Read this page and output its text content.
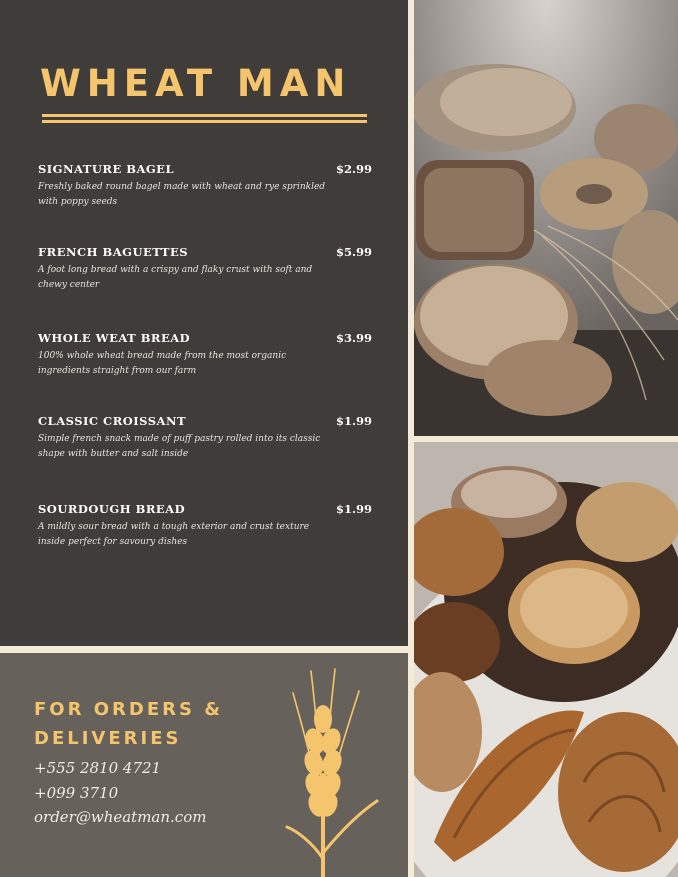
WHEAT MAN
SIGNATURE BAGEL	$2.99
Freshly baked round bagel made with wheat and rye sprinkled with poppy seeds
FRENCH BAGUETTES	$5.99
A foot long bread with a crispy and flaky crust with soft and chewy center
WHOLE WEAT BREAD	$3.99
100% whole wheat bread made from the most organic ingredients straight from our farm
CLASSIC CROISSANT	$1.99
Simple french snack made of puff pastry rolled into its classic shape with butter and salt inside
SOURDOUGH BREAD	$1.99
A mildly sour bread with a tough exterior and crust texture inside perfect for savoury dishes
FOR ORDERS & DELIVERIES
+555 2810 4721
+099 3710
order@wheatman.com
